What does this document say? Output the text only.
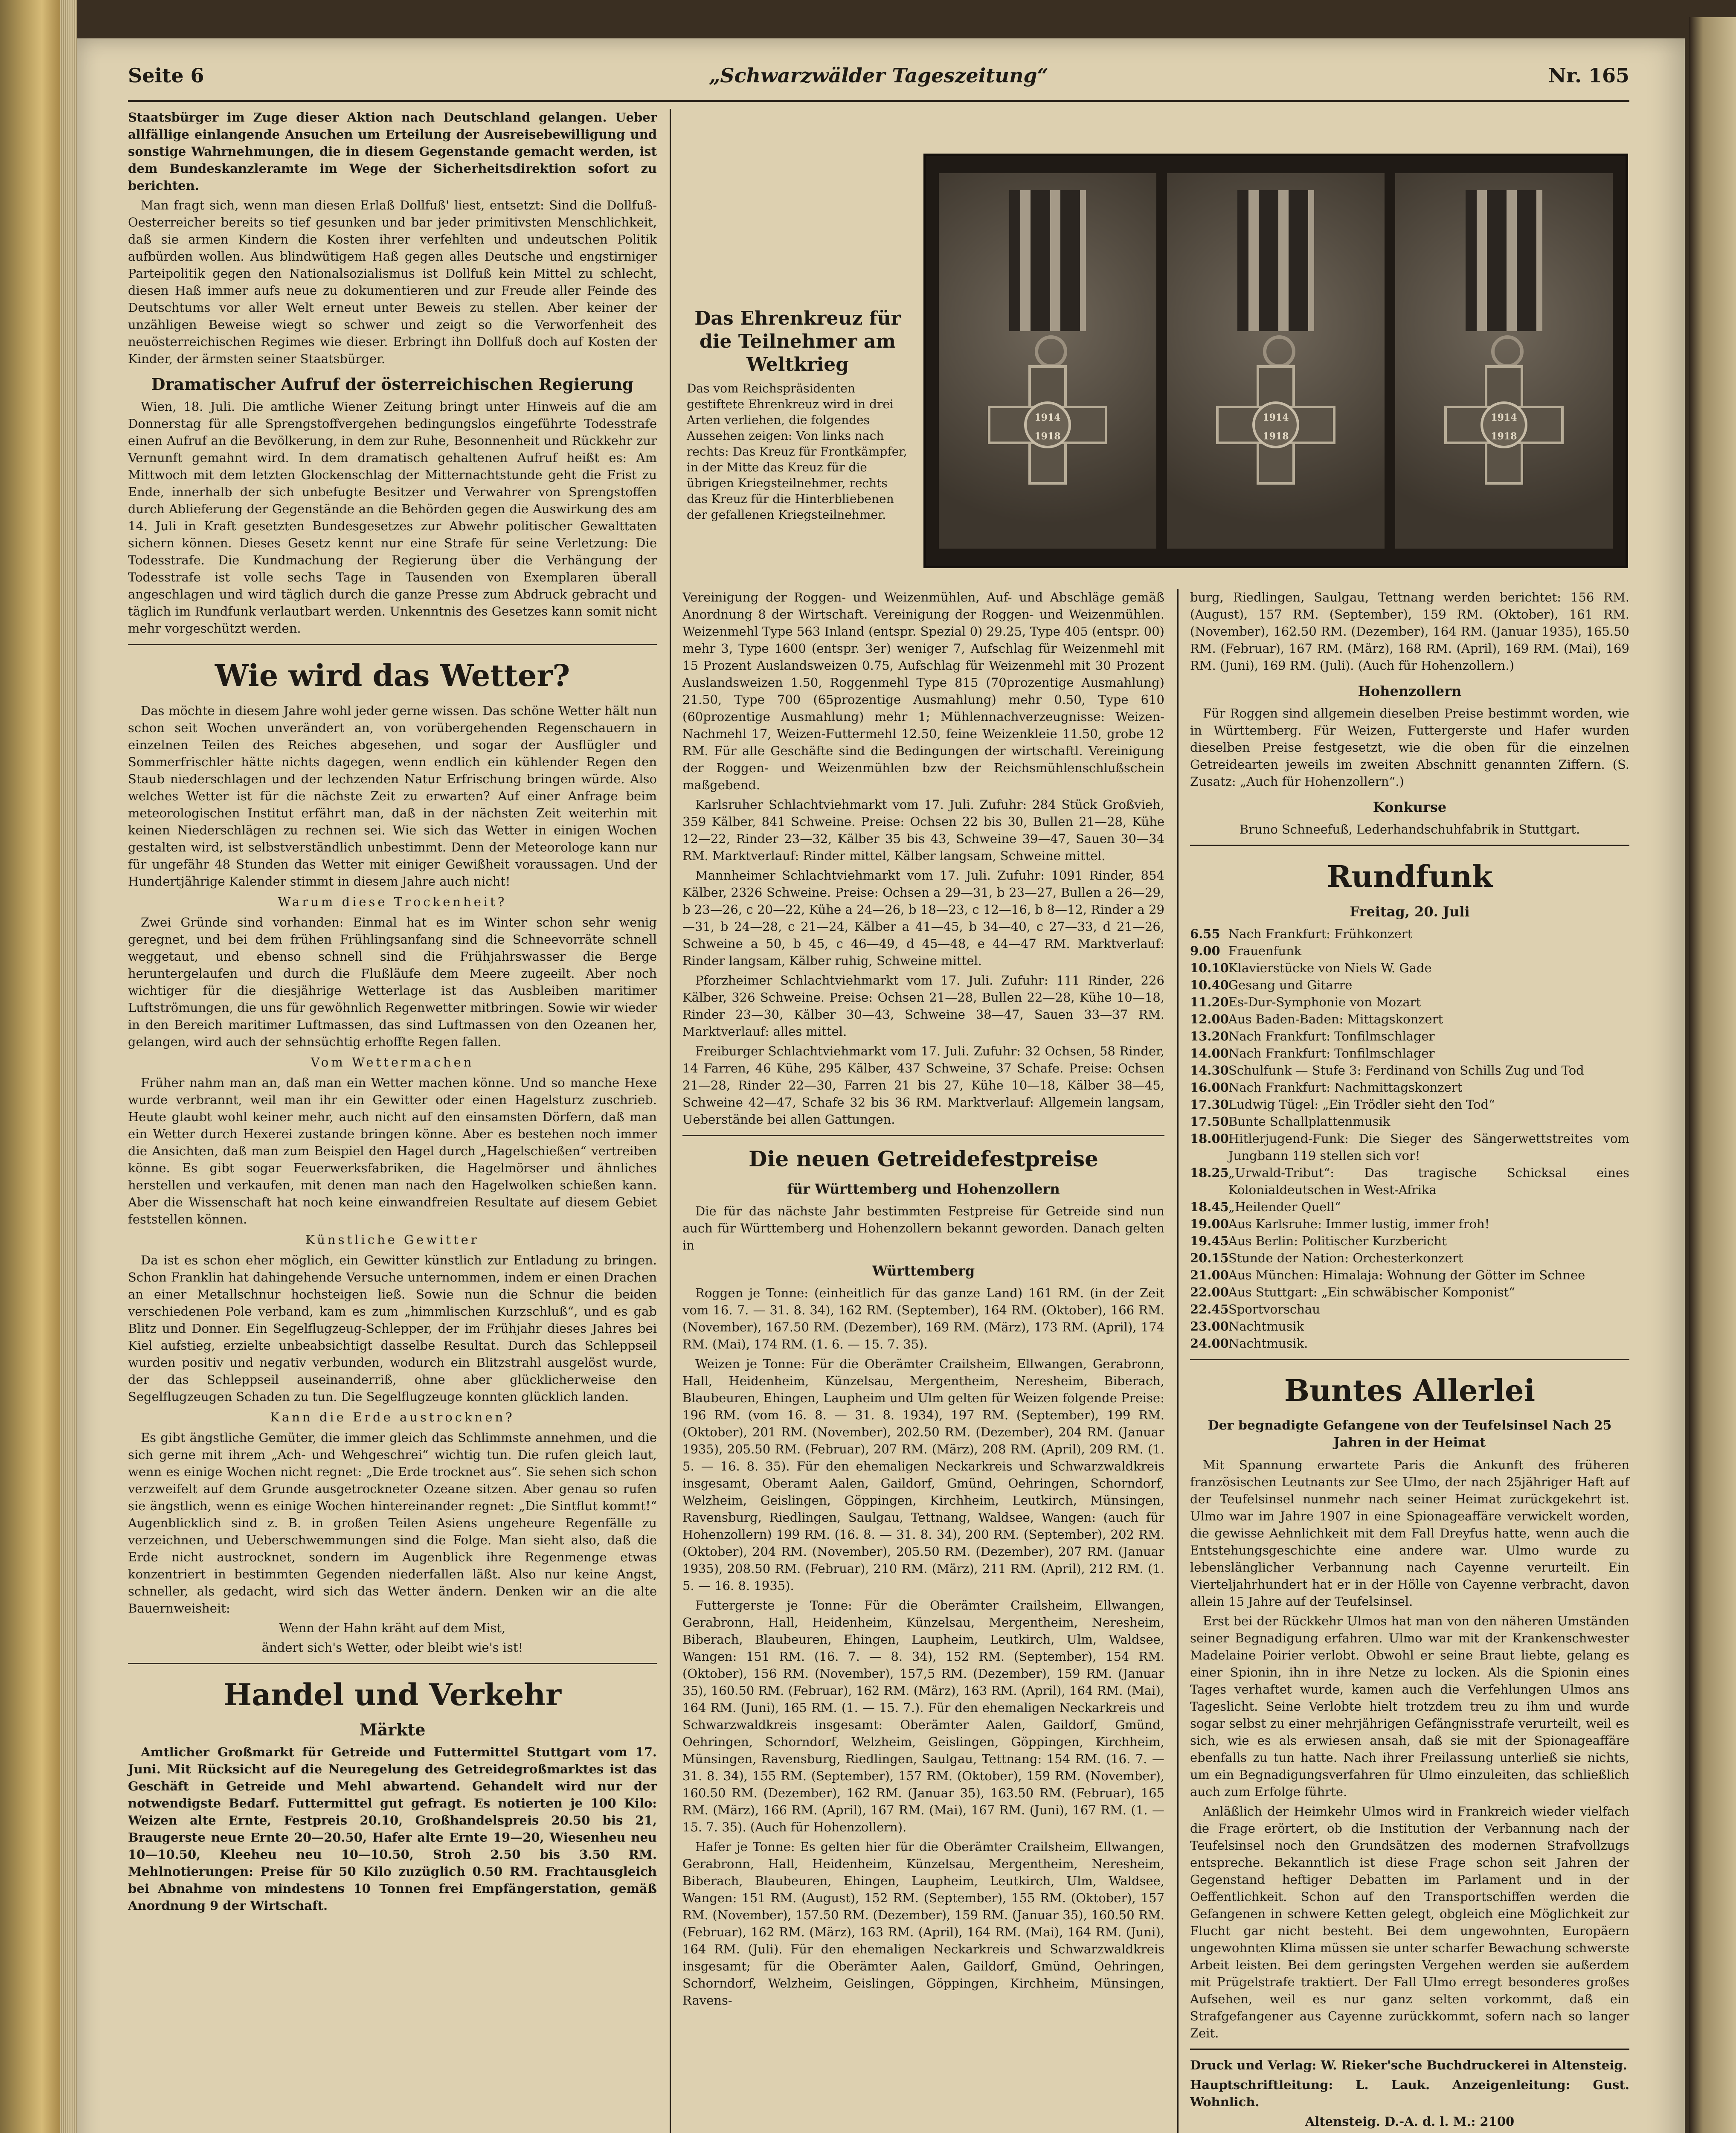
Seite 6	„Schwarzwälder Tageszeitung“	Nr. 165

Staatsbürger im Zuge dieser Aktion nach Deutschland gelangen. Ueber allfällige einlangende Ansuchen um Erteilung der Ausreisebewilligung und sonstige Wahrnehmungen, die in diesem Gegenstande gemacht werden, ist dem Bundeskanzleramte im Wege der Sicherheitsdirektion sofort zu berichten.

Man fragt sich, wenn man diesen Erlaß Dollfuß' liest, entsetzt: Sind die Dollfuß-Oesterreicher bereits so tief gesunken und bar jeder primitivsten Menschlichkeit, daß sie armen Kindern die Kosten ihrer verfehlten und undeutschen Politik aufbürden wollen. Aus blindwütigem Haß gegen alles Deutsche und engstirniger Parteipolitik gegen den Nationalsozialismus ist Dollfuß kein Mittel zu schlecht, diesen Haß immer aufs neue zu dokumentieren und zur Freude aller Feinde des Deutschtums vor aller Welt erneut unter Beweis zu stellen. Aber keiner der unzähligen Beweise wiegt so schwer und zeigt so die Verworfenheit des neuösterreichischen Regimes wie dieser. Erbringt ihn Dollfuß doch auf Kosten der Kinder, der ärmsten seiner Staatsbürger.

Dramatischer Aufruf der österreichischen Regierung

Wien, 18. Juli. Die amtliche Wiener Zeitung bringt unter Hinweis auf die am Donnerstag für alle Sprengstoffvergehen bedingungslos eingeführte Todesstrafe einen Aufruf an die Bevölkerung, in dem zur Ruhe, Besonnenheit und Rückkehr zur Vernunft gemahnt wird. In dem dramatisch gehaltenen Aufruf heißt es: Am Mittwoch mit dem letzten Glockenschlag der Mitternachtstunde geht die Frist zu Ende, innerhalb der sich unbefugte Besitzer und Verwahrer von Sprengstoffen durch Ablieferung der Gegenstände an die Behörden gegen die Auswirkung des am 14. Juli in Kraft gesetzten Bundesgesetzes zur Abwehr politischer Gewalttaten sichern können. Dieses Gesetz kennt nur eine Strafe für seine Verletzung: Die Todesstrafe. Die Kundmachung der Regierung über die Verhängung der Todesstrafe ist volle sechs Tage in Tausenden von Exemplaren überall angeschlagen und wird täglich durch die ganze Presse zum Abdruck gebracht und täglich im Rundfunk verlautbart werden. Unkenntnis des Gesetzes kann somit nicht mehr vorgeschützt werden.

Wie wird das Wetter?

Das möchte in diesem Jahre wohl jeder gerne wissen. Das schöne Wetter hält nun schon seit Wochen unverändert an, von vorübergehenden Regenschauern in einzelnen Teilen des Reiches abgesehen, und sogar der Ausflügler und Sommerfrischler hätte nichts dagegen, wenn endlich ein kühlender Regen den Staub niederschlagen und der lechzenden Natur Erfrischung bringen würde. Also welches Wetter ist für die nächste Zeit zu erwarten? Auf einer Anfrage beim meteorologischen Institut erfährt man, daß in der nächsten Zeit weiterhin mit keinen Niederschlägen zu rechnen sei. Wie sich das Wetter in einigen Wochen gestalten wird, ist selbstverständlich unbestimmt. Denn der Meteorologe kann nur für ungefähr 48 Stunden das Wetter mit einiger Gewißheit voraussagen. Und der Hundertjährige Kalender stimmt in diesem Jahre auch nicht!

Warum diese Trockenheit?

Zwei Gründe sind vorhanden: Einmal hat es im Winter schon sehr wenig geregnet, und bei dem frühen Frühlingsanfang sind die Schneevorräte schnell weggetaut, und ebenso schnell sind die Frühjahrswasser die Berge heruntergelaufen und durch die Flußläufe dem Meere zugeeilt. Aber noch wichtiger für die diesjährige Wetterlage ist das Ausbleiben maritimer Luftströmungen, die uns für gewöhnlich Regenwetter mitbringen. Sowie wir wieder in den Bereich maritimer Luftmassen, das sind Luftmassen von den Ozeanen her, gelangen, wird auch der sehnsüchtig erhoffte Regen fallen.

Vom Wettermachen

Früher nahm man an, daß man ein Wetter machen könne. Und so manche Hexe wurde verbrannt, weil man ihr ein Gewitter oder einen Hagelsturz zuschrieb. Heute glaubt wohl keiner mehr, auch nicht auf den einsamsten Dörfern, daß man ein Wetter durch Hexerei zustande bringen könne. Aber es bestehen noch immer die Ansichten, daß man zum Beispiel den Hagel durch „Hagelschießen“ vertreiben könne. Es gibt sogar Feuerwerksfabriken, die Hagelmörser und ähnliches herstellen und verkaufen, mit denen man nach den Hagelwolken schießen kann. Aber die Wissenschaft hat noch keine einwandfreien Resultate auf diesem Gebiet feststellen können.

Künstliche Gewitter

Da ist es schon eher möglich, ein Gewitter künstlich zur Entladung zu bringen. Schon Franklin hat dahingehende Versuche unternommen, indem er einen Drachen an einer Metallschnur hochsteigen ließ. Sowie nun die Schnur die beiden verschiedenen Pole verband, kam es zum „himmlischen Kurzschluß“, und es gab Blitz und Donner. Ein Segelflugzeug-Schlepper, der im Frühjahr dieses Jahres bei Kiel aufstieg, erzielte unbeabsichtigt dasselbe Resultat. Durch das Schleppseil wurden positiv und negativ verbunden, wodurch ein Blitzstrahl ausgelöst wurde, der das Schleppseil auseinanderriß, ohne aber glücklicherweise den Segelflugzeugen Schaden zu tun. Die Segelflugzeuge konnten glücklich landen.

Kann die Erde austrocknen?

Es gibt ängstliche Gemüter, die immer gleich das Schlimmste annehmen, und die sich gerne mit ihrem „Ach- und Wehgeschrei“ wichtig tun. Die rufen gleich laut, wenn es einige Wochen nicht regnet: „Die Erde trocknet aus“. Sie sehen sich schon verzweifelt auf dem Grunde ausgetrockneter Ozeane sitzen. Aber genau so rufen sie ängstlich, wenn es einige Wochen hintereinander regnet: „Die Sintflut kommt!“ Augenblicklich sind z. B. in großen Teilen Asiens ungeheure Regenfälle zu verzeichnen, und Ueberschwemmungen sind die Folge. Man sieht also, daß die Erde nicht austrocknet, sondern im Augenblick ihre Regenmenge etwas konzentriert in bestimmten Gegenden niederfallen läßt. Also nur keine Angst, schneller, als gedacht, wird sich das Wetter ändern. Denken wir an die alte Bauernweisheit:

Wenn der Hahn kräht auf dem Mist,

ändert sich's Wetter, oder bleibt wie's ist!

Handel und Verkehr
Märkte

Amtlicher Großmarkt für Getreide und Futtermittel Stuttgart vom 17. Juni. Mit Rücksicht auf die Neuregelung des Getreidegroßmarktes ist das Geschäft in Getreide und Mehl abwartend. Gehandelt wird nur der notwendigste Bedarf. Futtermittel gut gefragt. Es notierten je 100 Kilo: Weizen alte Ernte, Festpreis 20.10, Großhandelspreis 20.50 bis 21, Braugerste neue Ernte 20—20.50, Hafer alte Ernte 19—20, Wiesenheu neu 10—10.50, Kleeheu neu 10—10.50, Stroh 2.50 bis 3.50 RM. Mehlnotierungen: Preise für 50 Kilo zuzüglich 0.50 RM. Frachtausgleich bei Abnahme von mindestens 10 Tonnen frei Empfängerstation, gemäß Anordnung 9 der Wirtschaft.

Das Ehrenkreuz für die Teilnehmer am Weltkrieg
Das vom Reichspräsidenten gestiftete Ehrenkreuz wird in drei Arten verliehen, die folgendes Aussehen zeigen: Von links nach rechts: Das Kreuz für Frontkämpfer, in der Mitte das Kreuz für die übrigen Kriegsteilnehmer, rechts das Kreuz für die Hinterbliebenen der gefallenen Kriegsteilnehmer.
1914 1918
1914 1918
1914 1918

Vereinigung der Roggen- und Weizenmühlen, Auf- und Abschläge gemäß Anordnung 8 der Wirtschaft. Vereinigung der Roggen- und Weizenmühlen. Weizenmehl Type 563 Inland (entspr. Spezial 0) 29.25, Type 405 (entspr. 00) mehr 3, Type 1600 (entspr. 3er) weniger 7, Aufschlag für Weizenmehl mit 15 Prozent Auslandsweizen 0.75, Aufschlag für Weizenmehl mit 30 Prozent Auslandsweizen 1.50, Roggenmehl Type 815 (70prozentige Ausmahlung) 21.50, Type 700 (65prozentige Ausmahlung) mehr 0.50, Type 610 (60prozentige Ausmahlung) mehr 1; Mühlennachverzeugnisse: Weizen-Nachmehl 17, Weizen-Futtermehl 12.50, feine Weizenkleie 11.50, grobe 12 RM. Für alle Geschäfte sind die Bedingungen der wirtschaftl. Vereinigung der Roggen- und Weizenmühlen bzw der Reichsmühlenschlußschein maßgebend.

Karlsruher Schlachtviehmarkt vom 17. Juli. Zufuhr: 284 Stück Großvieh, 359 Kälber, 841 Schweine. Preise: Ochsen 22 bis 30, Bullen 21—28, Kühe 12—22, Rinder 23—32, Kälber 35 bis 43, Schweine 39—47, Sauen 30—34 RM. Marktverlauf: Rinder mittel, Kälber langsam, Schweine mittel.

Mannheimer Schlachtviehmarkt vom 17. Juli. Zufuhr: 1091 Rinder, 854 Kälber, 2326 Schweine. Preise: Ochsen a 29—31, b 23—27, Bullen a 26—29, b 23—26, c 20—22, Kühe a 24—26, b 18—23, c 12—16, b 8—12, Rinder a 29—31, b 24—28, c 21—24, Kälber a 41—45, b 34—40, c 27—33, d 21—26, Schweine a 50, b 45, c 46—49, d 45—48, e 44—47 RM. Marktverlauf: Rinder langsam, Kälber ruhig, Schweine mittel.

Pforzheimer Schlachtviehmarkt vom 17. Juli. Zufuhr: 111 Rinder, 226 Kälber, 326 Schweine. Preise: Ochsen 21—28, Bullen 22—28, Kühe 10—18, Rinder 23—30, Kälber 30—43, Schweine 38—47, Sauen 33—37 RM. Marktverlauf: alles mittel.

Freiburger Schlachtviehmarkt vom 17. Juli. Zufuhr: 32 Ochsen, 58 Rinder, 14 Farren, 46 Kühe, 295 Kälber, 437 Schweine, 37 Schafe. Preise: Ochsen 21—28, Rinder 22—30, Farren 21 bis 27, Kühe 10—18, Kälber 38—45, Schweine 42—47, Schafe 32 bis 36 RM. Marktverlauf: Allgemein langsam, Ueberstände bei allen Gattungen.

Die neuen Getreidefestpreise
für Württemberg und Hohenzollern

Die für das nächste Jahr bestimmten Festpreise für Getreide sind nun auch für Württemberg und Hohenzollern bekannt geworden. Danach gelten in

Württemberg

Roggen je Tonne: (einheitlich für das ganze Land) 161 RM. (in der Zeit vom 16. 7. — 31. 8. 34), 162 RM. (September), 164 RM. (Oktober), 166 RM. (November), 167.50 RM. (Dezember), 169 RM. (März), 173 RM. (April), 174 RM. (Mai), 174 RM. (1. 6. — 15. 7. 35).

Weizen je Tonne: Für die Oberämter Crailsheim, Ellwangen, Gerabronn, Hall, Heidenheim, Künzelsau, Mergentheim, Neresheim, Biberach, Blaubeuren, Ehingen, Laupheim und Ulm gelten für Weizen folgende Preise: 196 RM. (vom 16. 8. — 31. 8. 1934), 197 RM. (September), 199 RM. (Oktober), 201 RM. (November), 202.50 RM. (Dezember), 204 RM. (Januar 1935), 205.50 RM. (Februar), 207 RM. (März), 208 RM. (April), 209 RM. (1. 5. — 16. 8. 35). Für den ehemaligen Neckarkreis und Schwarzwaldkreis insgesamt, Oberamt Aalen, Gaildorf, Gmünd, Oehringen, Schorndorf, Welzheim, Geislingen, Göppingen, Kirchheim, Leutkirch, Münsingen, Ravensburg, Riedlingen, Saulgau, Tettnang, Waldsee, Wangen: (auch für Hohenzollern) 199 RM. (16. 8. — 31. 8. 34), 200 RM. (September), 202 RM. (Oktober), 204 RM. (November), 205.50 RM. (Dezember), 207 RM. (Januar 1935), 208.50 RM. (Februar), 210 RM. (März), 211 RM. (April), 212 RM. (1. 5. — 16. 8. 1935).

Futtergerste je Tonne: Für die Oberämter Crailsheim, Ellwangen, Gerabronn, Hall, Heidenheim, Künzelsau, Mergentheim, Neresheim, Biberach, Blaubeuren, Ehingen, Laupheim, Leutkirch, Ulm, Waldsee, Wangen: 151 RM. (16. 7. — 8. 34), 152 RM. (September), 154 RM. (Oktober), 156 RM. (November), 157,5 RM. (Dezember), 159 RM. (Januar 35), 160.50 RM. (Februar), 162 RM. (März), 163 RM. (April), 164 RM. (Mai), 164 RM. (Juni), 165 RM. (1. — 15. 7.). Für den ehemaligen Neckarkreis und Schwarzwaldkreis insgesamt: Oberämter Aalen, Gaildorf, Gmünd, Oehringen, Schorndorf, Welzheim, Geislingen, Göppingen, Kirchheim, Münsingen, Ravensburg, Riedlingen, Saulgau, Tettnang: 154 RM. (16. 7. — 31. 8. 34), 155 RM. (September), 157 RM. (Oktober), 159 RM. (November), 160.50 RM. (Dezember), 162 RM. (Januar 35), 163.50 RM. (Februar), 165 RM. (März), 166 RM. (April), 167 RM. (Mai), 167 RM. (Juni), 167 RM. (1. — 15. 7. 35). (Auch für Hohenzollern).

Hafer je Tonne: Es gelten hier für die Oberämter Crailsheim, Ellwangen, Gerabronn, Hall, Heidenheim, Künzelsau, Mergentheim, Neresheim, Biberach, Blaubeuren, Ehingen, Laupheim, Leutkirch, Ulm, Waldsee, Wangen: 151 RM. (August), 152 RM. (September), 155 RM. (Oktober), 157 RM. (November), 157.50 RM. (Dezember), 159 RM. (Januar 35), 160.50 RM. (Februar), 162 RM. (März), 163 RM. (April), 164 RM. (Mai), 164 RM. (Juni), 164 RM. (Juli). Für den ehemaligen Neckarkreis und Schwarzwaldkreis insgesamt; für die Oberämter Aalen, Gaildorf, Gmünd, Oehringen, Schorndorf, Welzheim, Geislingen, Göppingen, Kirchheim, Münsingen, Ravens-

burg, Riedlingen, Saulgau, Tettnang werden berichtet: 156 RM. (August), 157 RM. (September), 159 RM. (Oktober), 161 RM. (November), 162.50 RM. (Dezember), 164 RM. (Januar 1935), 165.50 RM. (Februar), 167 RM. (März), 168 RM. (April), 169 RM. (Mai), 169 RM. (Juni), 169 RM. (Juli). (Auch für Hohenzollern.)

Hohenzollern

Für Roggen sind allgemein dieselben Preise bestimmt worden, wie in Württemberg. Für Weizen, Futtergerste und Hafer wurden dieselben Preise festgesetzt, wie die oben für die einzelnen Getreidearten jeweils im zweiten Abschnitt genannten Ziffern. (S. Zusatz: „Auch für Hohenzollern“.)

Konkurse

Bruno Schneefuß, Lederhandschuhfabrik in Stuttgart.

Rundfunk
Freitag, 20. Juli
6.55 Nach Frankfurt: Frühkonzert
9.00 Frauenfunk
10.10 Klavierstücke von Niels W. Gade
10.40 Gesang und Gitarre
11.20 Es-Dur-Symphonie von Mozart
12.00 Aus Baden-Baden: Mittagskonzert
13.20 Nach Frankfurt: Tonfilmschlager
14.00 Nach Frankfurt: Tonfilmschlager
14.30 Schulfunk — Stufe 3: Ferdinand von Schills Zug und Tod
16.00 Nach Frankfurt: Nachmittagskonzert
17.30 Ludwig Tügel: „Ein Trödler sieht den Tod“
17.50 Bunte Schallplattenmusik
18.00 Hitlerjugend-Funk: Die Sieger des Sängerwettstreites vom Jungbann 119 stellen sich vor!
18.25 „Urwald-Tribut“: Das tragische Schicksal eines Kolonialdeutschen in West-Afrika
18.45 „Heilender Quell“
19.00 Aus Karlsruhe: Immer lustig, immer froh!
19.45 Aus Berlin: Politischer Kurzbericht
20.15 Stunde der Nation: Orchesterkonzert
21.00 Aus München: Himalaja: Wohnung der Götter im Schnee
22.00 Aus Stuttgart: „Ein schwäbischer Komponist“
22.45 Sportvorschau
23.00 Nachtmusik
24.00 Nachtmusik.
Buntes Allerlei
Der begnadigte Gefangene von der Teufelsinsel Nach 25 Jahren in der Heimat

Mit Spannung erwartete Paris die Ankunft des früheren französischen Leutnants zur See Ulmo, der nach 25jähriger Haft auf der Teufelsinsel nunmehr nach seiner Heimat zurückgekehrt ist. Ulmo war im Jahre 1907 in eine Spionageaffäre verwickelt worden, die gewisse Aehnlichkeit mit dem Fall Dreyfus hatte, wenn auch die Entstehungsgeschichte eine andere war. Ulmo wurde zu lebenslänglicher Verbannung nach Cayenne verurteilt. Ein Vierteljahrhundert hat er in der Hölle von Cayenne verbracht, davon allein 15 Jahre auf der Teufelsinsel.

Erst bei der Rückkehr Ulmos hat man von den näheren Umständen seiner Begnadigung erfahren. Ulmo war mit der Krankenschwester Madelaine Poirier verlobt. Obwohl er seine Braut liebte, gelang es einer Spionin, ihn in ihre Netze zu locken. Als die Spionin eines Tages verhaftet wurde, kamen auch die Verfehlungen Ulmos ans Tageslicht. Seine Verlobte hielt trotzdem treu zu ihm und wurde sogar selbst zu einer mehrjährigen Gefängnisstrafe verurteilt, weil es sich, wie es als erwiesen ansah, daß sie mit der Spionageaffäre ebenfalls zu tun hatte. Nach ihrer Freilassung unterließ sie nichts, um ein Begnadigungsverfahren für Ulmo einzuleiten, das schließlich auch zum Erfolge führte.

Anläßlich der Heimkehr Ulmos wird in Frankreich wieder vielfach die Frage erörtert, ob die Institution der Verbannung nach der Teufelsinsel noch den Grundsätzen des modernen Strafvollzugs entspreche. Bekanntlich ist diese Frage schon seit Jahren der Gegenstand heftiger Debatten im Parlament und in der Oeffentlichkeit. Schon auf den Transportschiffen werden die Gefangenen in schwere Ketten gelegt, obgleich eine Möglichkeit zur Flucht gar nicht besteht. Bei dem ungewohnten, Europäern ungewohnten Klima müssen sie unter scharfer Bewachung schwerste Arbeit leisten. Bei dem geringsten Vergehen werden sie außerdem mit Prügelstrafe traktiert. Der Fall Ulmo erregt besonderes großes Aufsehen, weil es nur ganz selten vorkommt, daß ein Strafgefangener aus Cayenne zurückkommt, sofern nach so langer Zeit.

Druck und Verlag: W. Rieker'sche Buchdruckerei in Altensteig.

Hauptschriftleitung: L. Lauk. Anzeigenleitung: Gust. Wohnlich.

Altensteig. D.-A. d. l. M.: 2100
